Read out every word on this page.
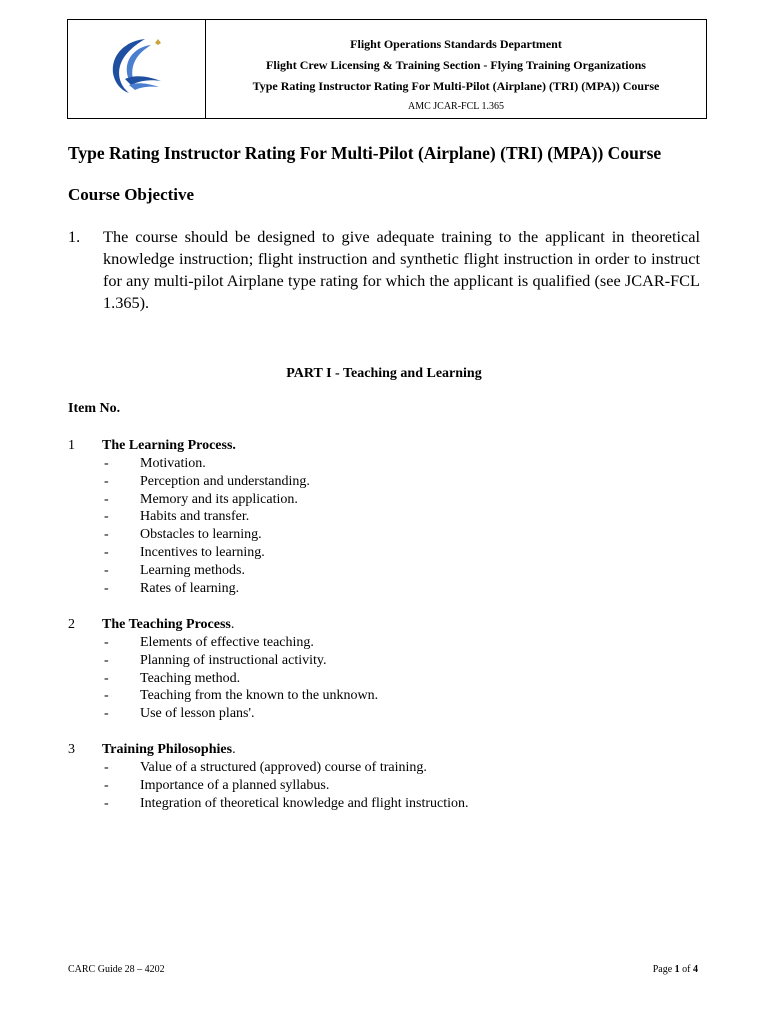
Flight Operations Standards Department
Flight Crew Licensing & Training Section - Flying Training Organizations
Type Rating Instructor Rating For Multi-Pilot (Airplane) (TRI) (MPA)) Course
AMC JCAR-FCL 1.365
Type Rating Instructor Rating For Multi-Pilot (Airplane) (TRI) (MPA)) Course
Course Objective
1.	The course should be designed to give adequate training to the applicant in theoretical knowledge instruction; flight instruction and synthetic flight instruction in order to instruct for any multi-pilot Airplane type rating for which the applicant is qualified (see JCAR-FCL 1.365).
PART I - Teaching and Learning
Item No.
1	The Learning Process.
-	Motivation.
-	Perception and understanding.
-	Memory and its application.
-	Habits and transfer.
-	Obstacles to learning.
-	Incentives to learning.
-	Learning methods.
-	Rates of learning.
2	The Teaching Process.
-	Elements of effective teaching.
-	Planning of instructional activity.
-	Teaching method.
-	Teaching from the known to the unknown.
-	Use of lesson plans'.
3	Training Philosophies.
-	Value of a structured (approved) course of training.
-	Importance of a planned syllabus.
-	Integration of theoretical knowledge and flight instruction.
CARC Guide 28 – 4202	Page 1 of 4
